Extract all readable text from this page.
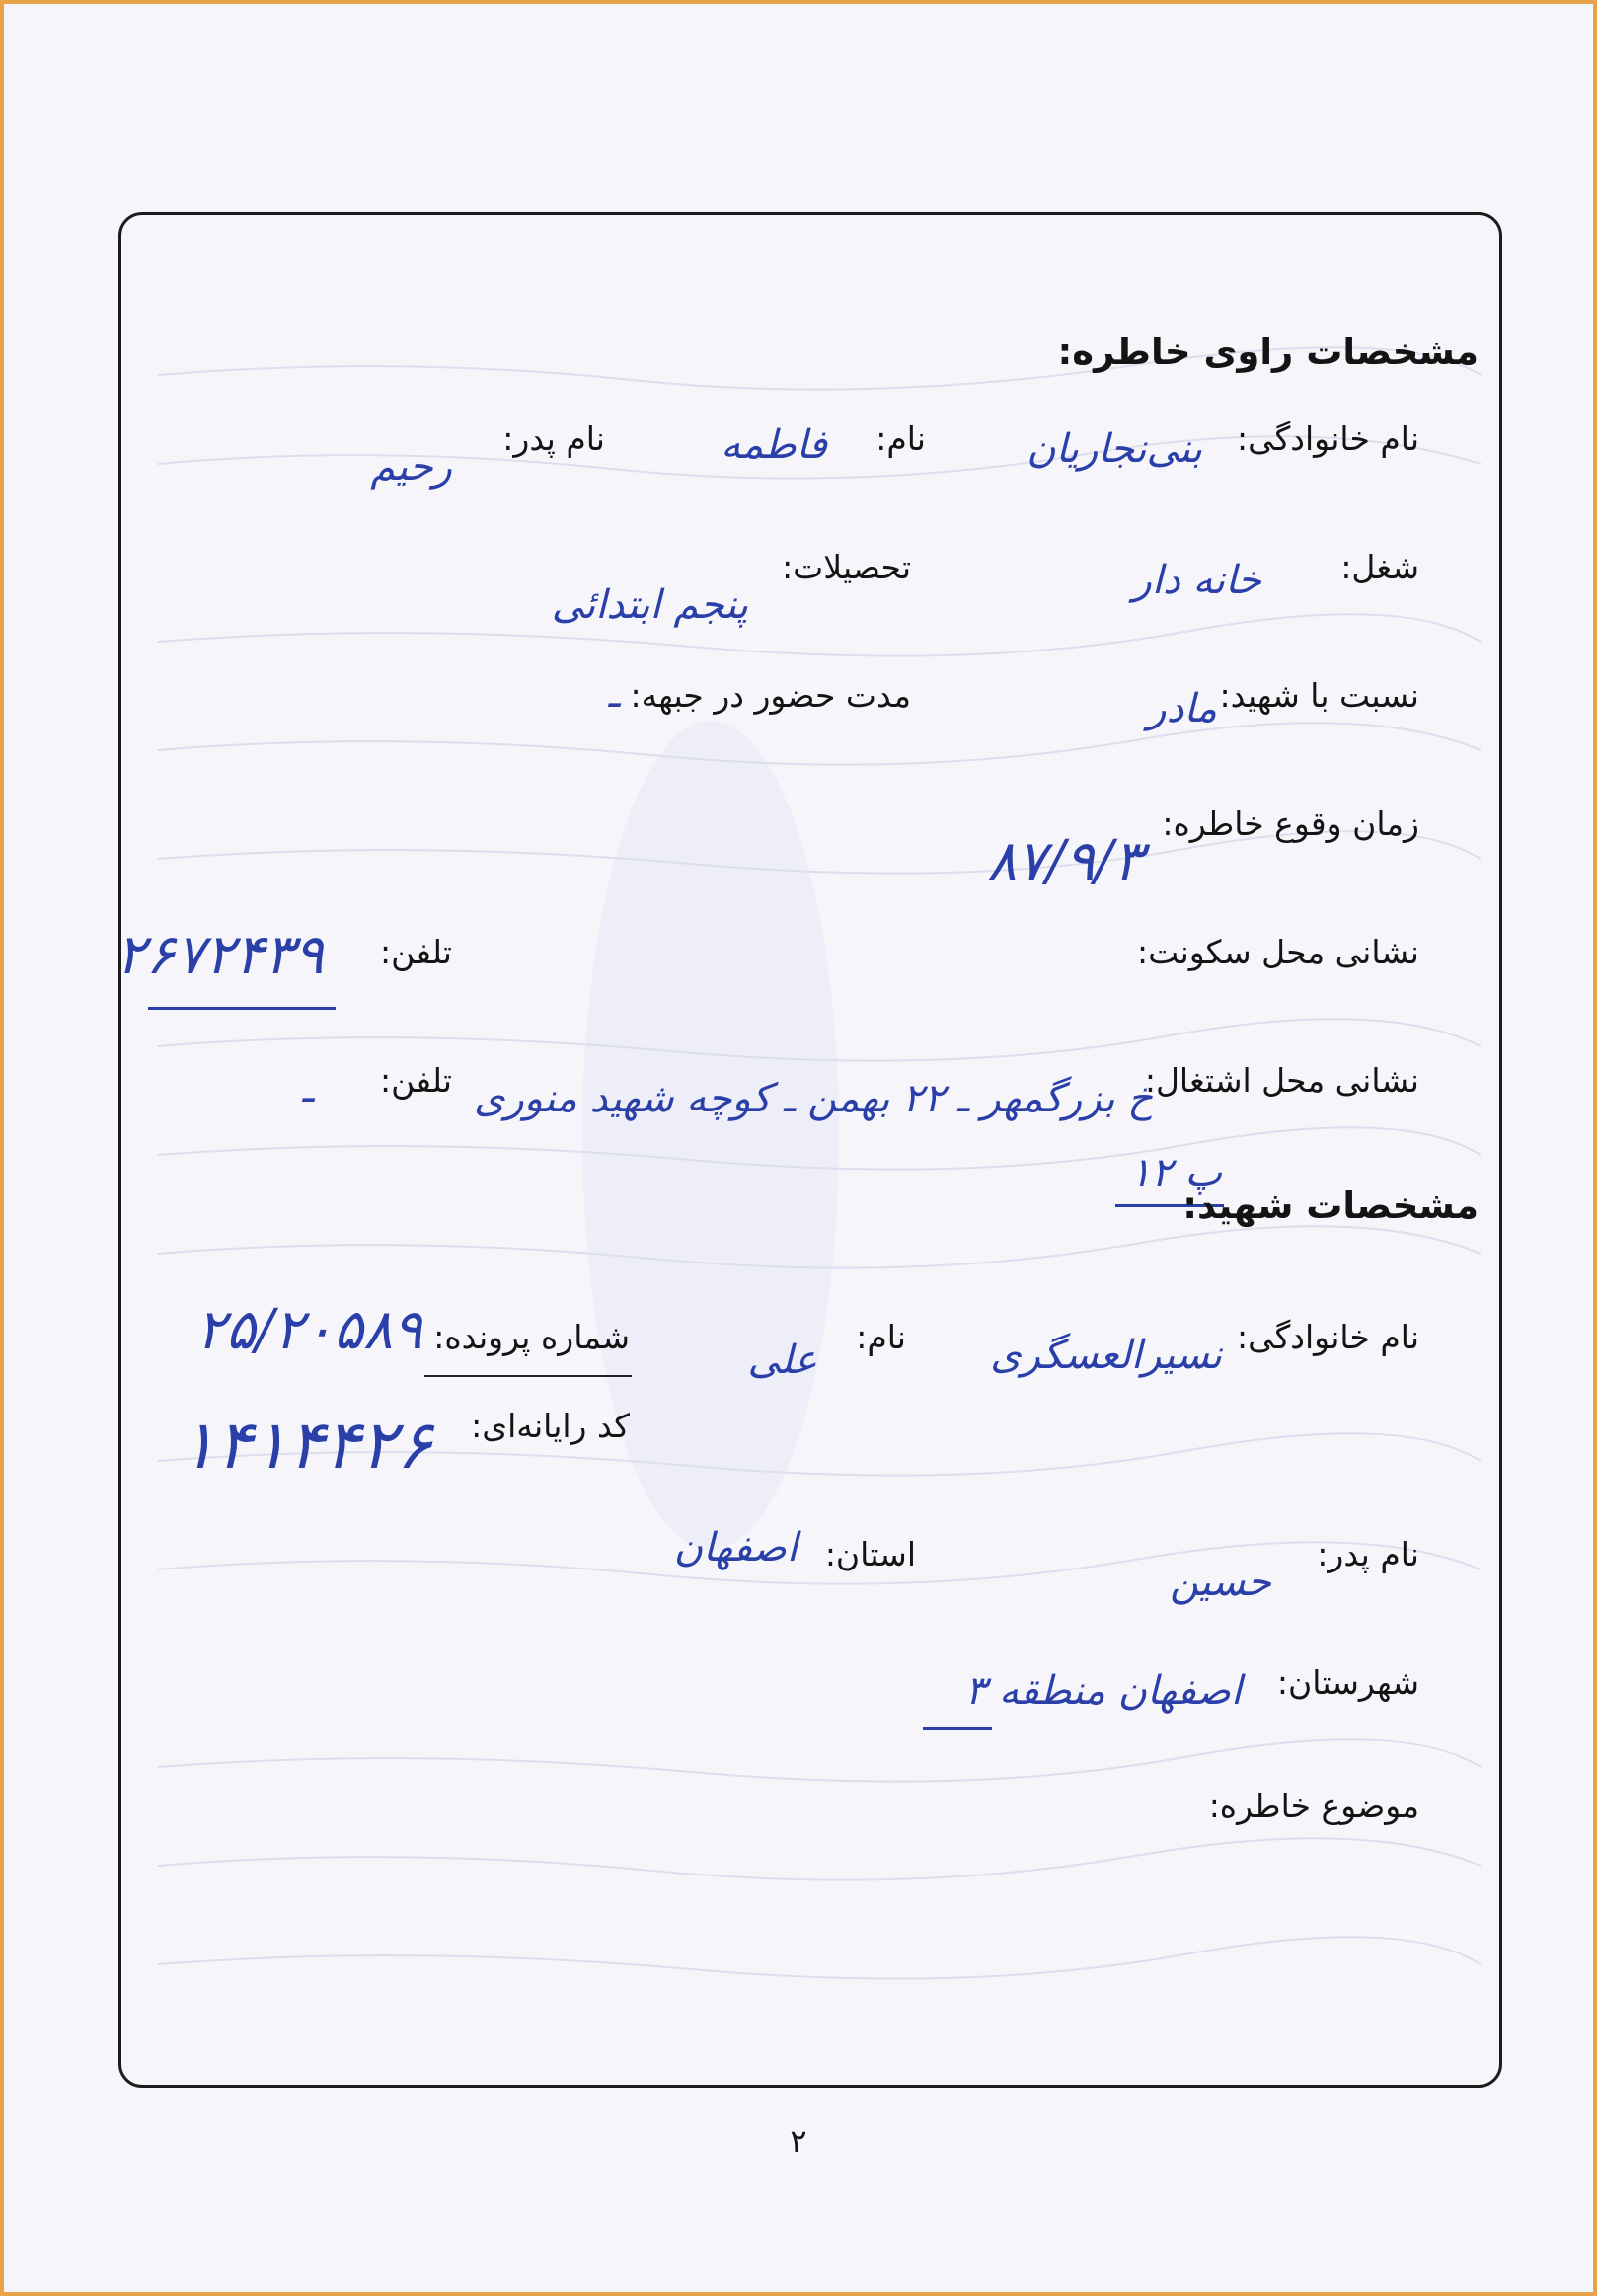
مشخصات راوی خاطره:
نام خانوادگی:
بنی‌نجاریان
نام:
فاطمه
نام پدر:
رحیم
شغل:
خانه دار
تحصیلات:
پنجم ابتدائی
نسبت با شهید:
مادر
مدت حضور در جبهه:
ـ
زمان وقوع خاطره:
۸۷/۹/۳
نشانی محل سکونت:
تلفن:
۲۶۷۲۴۳۹
نشانی محل اشتغال:
خ بزرگمهر ـ ۲۲ بهمن ـ کوچه شهید منوری
پ ۱۲
تلفن:
ـ
مشخصات شهید:
نام خانوادگی:
نسیرالعسگری
نام:
علی
شماره پرونده:
۲۵/۲۰۵۸۹
کد رایانه‌ای:
۱۴۱۴۴۲۶
نام پدر:
حسین
استان:
اصفهان
شهرستان:
اصفهان منطقه ۳
موضوع خاطره:
۲
